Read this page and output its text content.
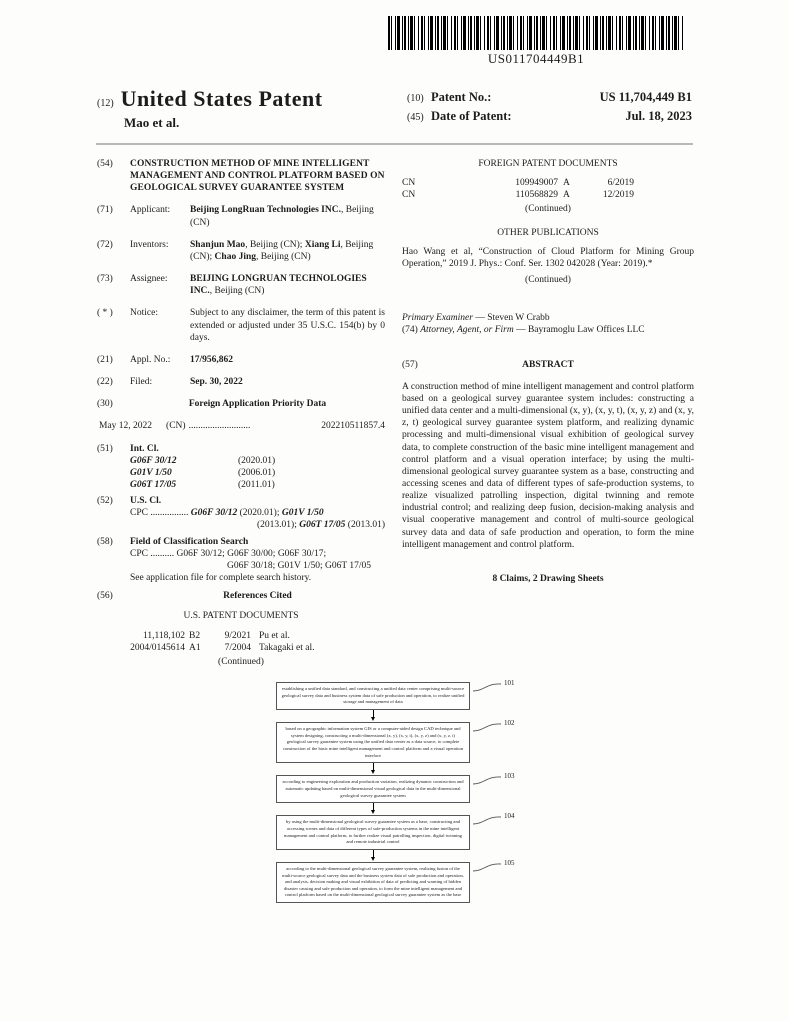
US011704449B1
(12) United States Patent
Mao et al.
(10) Patent No.:	US 11,704,449 B1
(45) Date of Patent:	Jul. 18, 2023
(54)	CONSTRUCTION METHOD OF MINE INTELLIGENT MANAGEMENT AND CONTROL PLATFORM BASED ON GEOLOGICAL SURVEY GUARANTEE SYSTEM
(71)	Applicant:	Beijing LongRuan Technologies INC., Beijing (CN)
(72)	Inventors:	Shanjun Mao, Beijing (CN); Xiang Li, Beijing (CN); Chao Jing, Beijing (CN)
(73)	Assignee:	BEIJING LONGRUAN TECHNOLOGIES INC., Beijing (CN)
( * )	Notice:	Subject to any disclaimer, the term of this patent is extended or adjusted under 35 U.S.C. 154(b) by 0 days.
(21)	Appl. No.:	17/956,862
(22)	Filed:	Sep. 30, 2022
(30)	Foreign Application Priority Data
May 12, 2022 (CN) ..........................	202210511857.4
(51)	Int. Cl.
G06F 30/12	(2020.01)
G01V 1/50	(2006.01)
G06T 17/05	(2011.01)
(52)	U.S. Cl.
CPC ................ G06F 30/12 (2020.01); G01V 1/50
(2013.01); G06T 17/05 (2013.01)
(58)	Field of Classification Search
CPC .......... G06F 30/12; G06F 30/00; G06F 30/17;
G06F 30/18; G01V 1/50; G06T 17/05
See application file for complete search history.
(56)	References Cited
U.S. PATENT DOCUMENTS
11,118,102 B2	9/2021 Pu et al.
2004/0145614 A1	7/2004 Takagaki et al.
(Continued)
FOREIGN PATENT DOCUMENTS
CN	109949007 A	6/2019
CN	110568829 A	12/2019
(Continued)
OTHER PUBLICATIONS
Hao Wang et al, “Construction of Cloud Platform for Mining Group Operation,” 2019 J. Phys.: Conf. Ser. 1302 042028 (Year: 2019).*
(Continued)
Primary Examiner — Steven W Crabb
(74) Attorney, Agent, or Firm — Bayramoglu Law Offices LLC
(57)	ABSTRACT
A construction method of mine intelligent management and control platform based on a geological survey guarantee system includes: constructing a unified data center and a multi-dimensional (x, y), (x, y, t), (x, y, z) and (x, y, z, t) geological survey guarantee system platform, and realizing dynamic processing and multi-dimensional visual exhibition of geological survey data, to complete construction of the basic mine intelligent management and control platform and a visual operation interface; by using the multi-dimensional geological survey guarantee system as a base, constructing and accessing scenes and data of different types of safe-production systems, to realize visualized patrolling inspection, digital twinning and remote industrial control; and realizing deep fusion, decision-making analysis and visual cooperative management and control of multi-source geological survey data and data of safe production and operation, to form the mine intelligent management and control platform.
8 Claims, 2 Drawing Sheets
establishing a unified data standard, and constructing a unified data center comprising multi-source geological survey data and business system data of safe production and operation, to realize unified storage and management of data
101
based on a geographic information system GIS or a computer-aided design CAD technique and system designing, constructing a multi-dimensional (x, y), (x, y, t), (x, y, z) and (x, y, z, t) geological survey guarantee system using the unified data center as a data source, to complete construction of the basic mine intelligent management and control platform and a visual operation interface
102
according to engineering exploration and production variation, realizing dynamic construction and automatic updating based on multi-dimensional visual geological data in the multi-dimensional geological survey guarantee system
103
by using the multi-dimensional geological survey guarantee system as a base, constructing and accessing scenes and data of different types of safe-production systems in the mine intelligent management and control platform, to further realize visual patrolling inspection, digital twinning and remote industrial control
104
according to the multi-dimensional geological survey guarantee system, realizing fusion of the multi-source geological survey data and the business system data of safe production and operation, and analysis, decision making and visual exhibition of data of predicting and warning of hidden disaster causing and safe production and operation, to form the mine intelligent management and control platform based on the multi-dimensional geological survey guarantee system as the base
105
